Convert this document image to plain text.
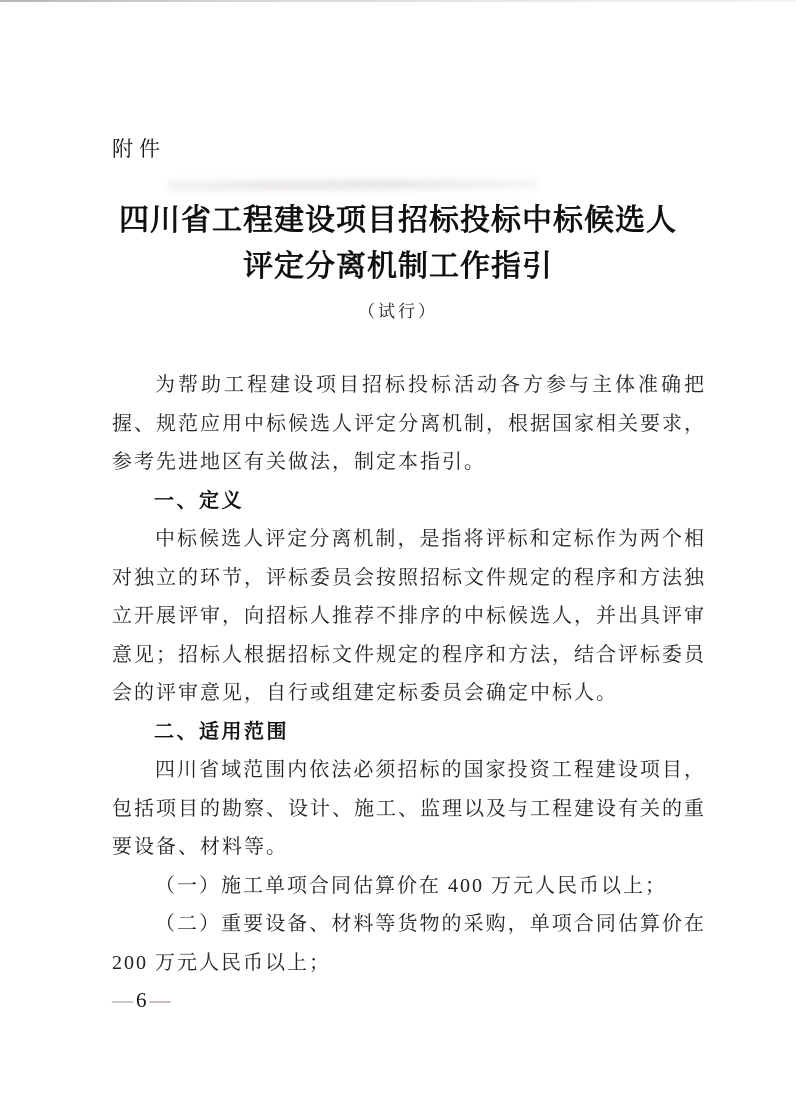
附件
四川省工程建设项目招标投标中标候选人
评定分离机制工作指引
（试行）

为帮助工程建设项目招标投标活动各方参与主体准确把握、规范应用中标候选人评定分离机制，根据国家相关要求，参考先进地区有关做法，制定本指引。

一、定义

中标候选人评定分离机制，是指将评标和定标作为两个相对独立的环节，评标委员会按照招标文件规定的程序和方法独立开展评审，向招标人推荐不排序的中标候选人，并出具评审意见；招标人根据招标文件规定的程序和方法，结合评标委员会的评审意见，自行或组建定标委员会确定中标人。

二、适用范围

四川省域范围内依法必须招标的国家投资工程建设项目，包括项目的勘察、设计、施工、监理以及与工程建设有关的重要设备、材料等。

（一）施工单项合同估算价在 400 万元人民币以上；

（二）重要设备、材料等货物的采购，单项合同估算价在 200 万元人民币以上；

—6—
